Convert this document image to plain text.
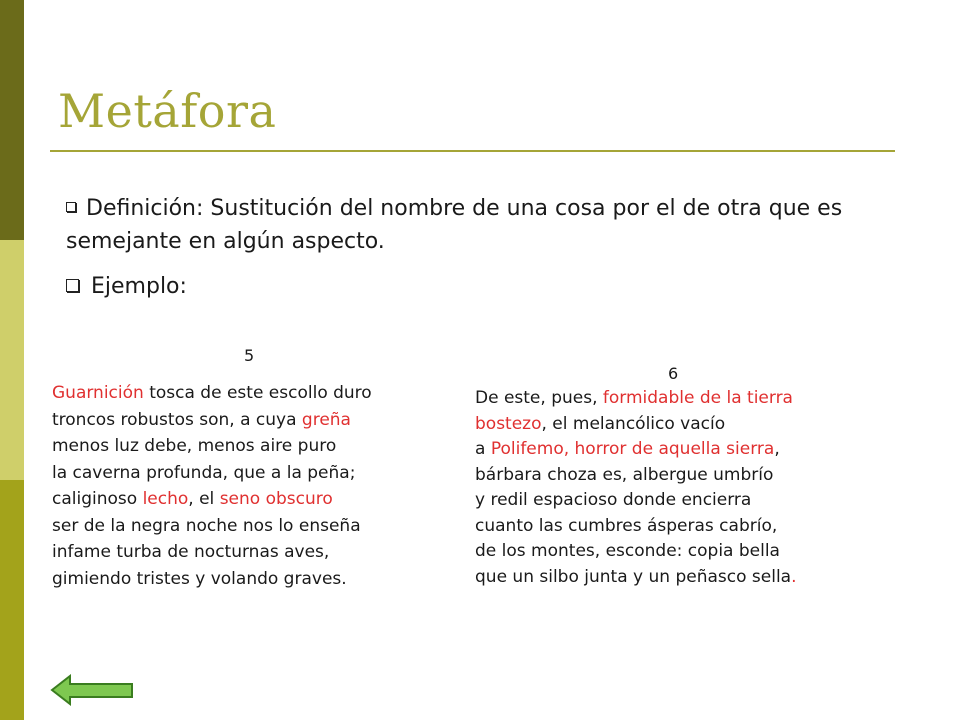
Metáfora
Definición: Sustitución del nombre de una cosa por el de otra que es semejante en algún aspecto.
Ejemplo:
5
Guarnición tosca de este escollo duro
troncos robustos son, a cuya greña
menos luz debe, menos aire puro
la caverna profunda, que a la peña;
caliginoso lecho, el seno obscuro
ser de la negra noche nos lo enseña
infame turba de nocturnas aves,
gimiendo tristes y volando graves.
6
De este, pues, formidable de la tierra
bostezo, el melancólico vacío
a Polifemo, horror de aquella sierra,
bárbara choza es, albergue umbrío
y redil espacioso donde encierra
cuanto las cumbres ásperas cabrío,
de los montes, esconde: copia bella
que un silbo junta y un peñasco sella.
